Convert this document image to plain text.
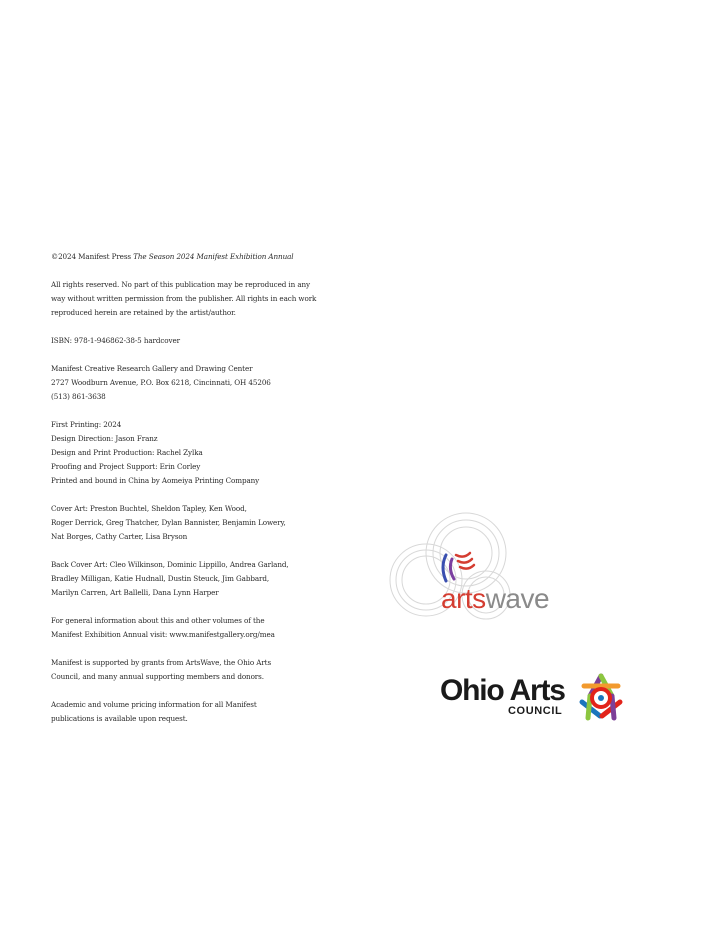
©2024 Manifest Press The Season 2024 Manifest Exhibition Annual

All rights reserved. No part of this publication may be reproduced in any
way without written permission from the publisher. All rights in each work
reproduced herein are retained by the artist/author.

ISBN: 978-1-946862-38-5 hardcover

Manifest Creative Research Gallery and Drawing Center
2727 Woodburn Avenue, P.O. Box 6218, Cincinnati, OH 45206
(513) 861-3638

First Printing: 2024
Design Direction: Jason Franz
Design and Print Production: Rachel Zylka
Proofing and Project Support: Erin Corley
Printed and bound in China by Aomeiya Printing Company

Cover Art: Preston Buchtel, Sheldon Tapley, Ken Wood,
Roger Derrick, Greg Thatcher, Dylan Bannister, Benjamin Lowery,
Nat Borges, Cathy Carter, Lisa Bryson

Back Cover Art: Cleo Wilkinson, Dominic Lippillo, Andrea Garland,
Bradley Milligan, Katie Hudnall, Dustin Steuck, Jim Gabbard,
Marilyn Carren, Art Ballelli, Dana Lynn Harper

For general information about this and other volumes of the
Manifest Exhibition Annual visit: www.manifestgallery.org/mea

Manifest is supported by grants from ArtsWave, the Ohio Arts
Council, and many annual supporting members and donors.

Academic and volume pricing information for all Manifest
publications is available upon request.

artswave
Ohio Arts
COUNCIL
